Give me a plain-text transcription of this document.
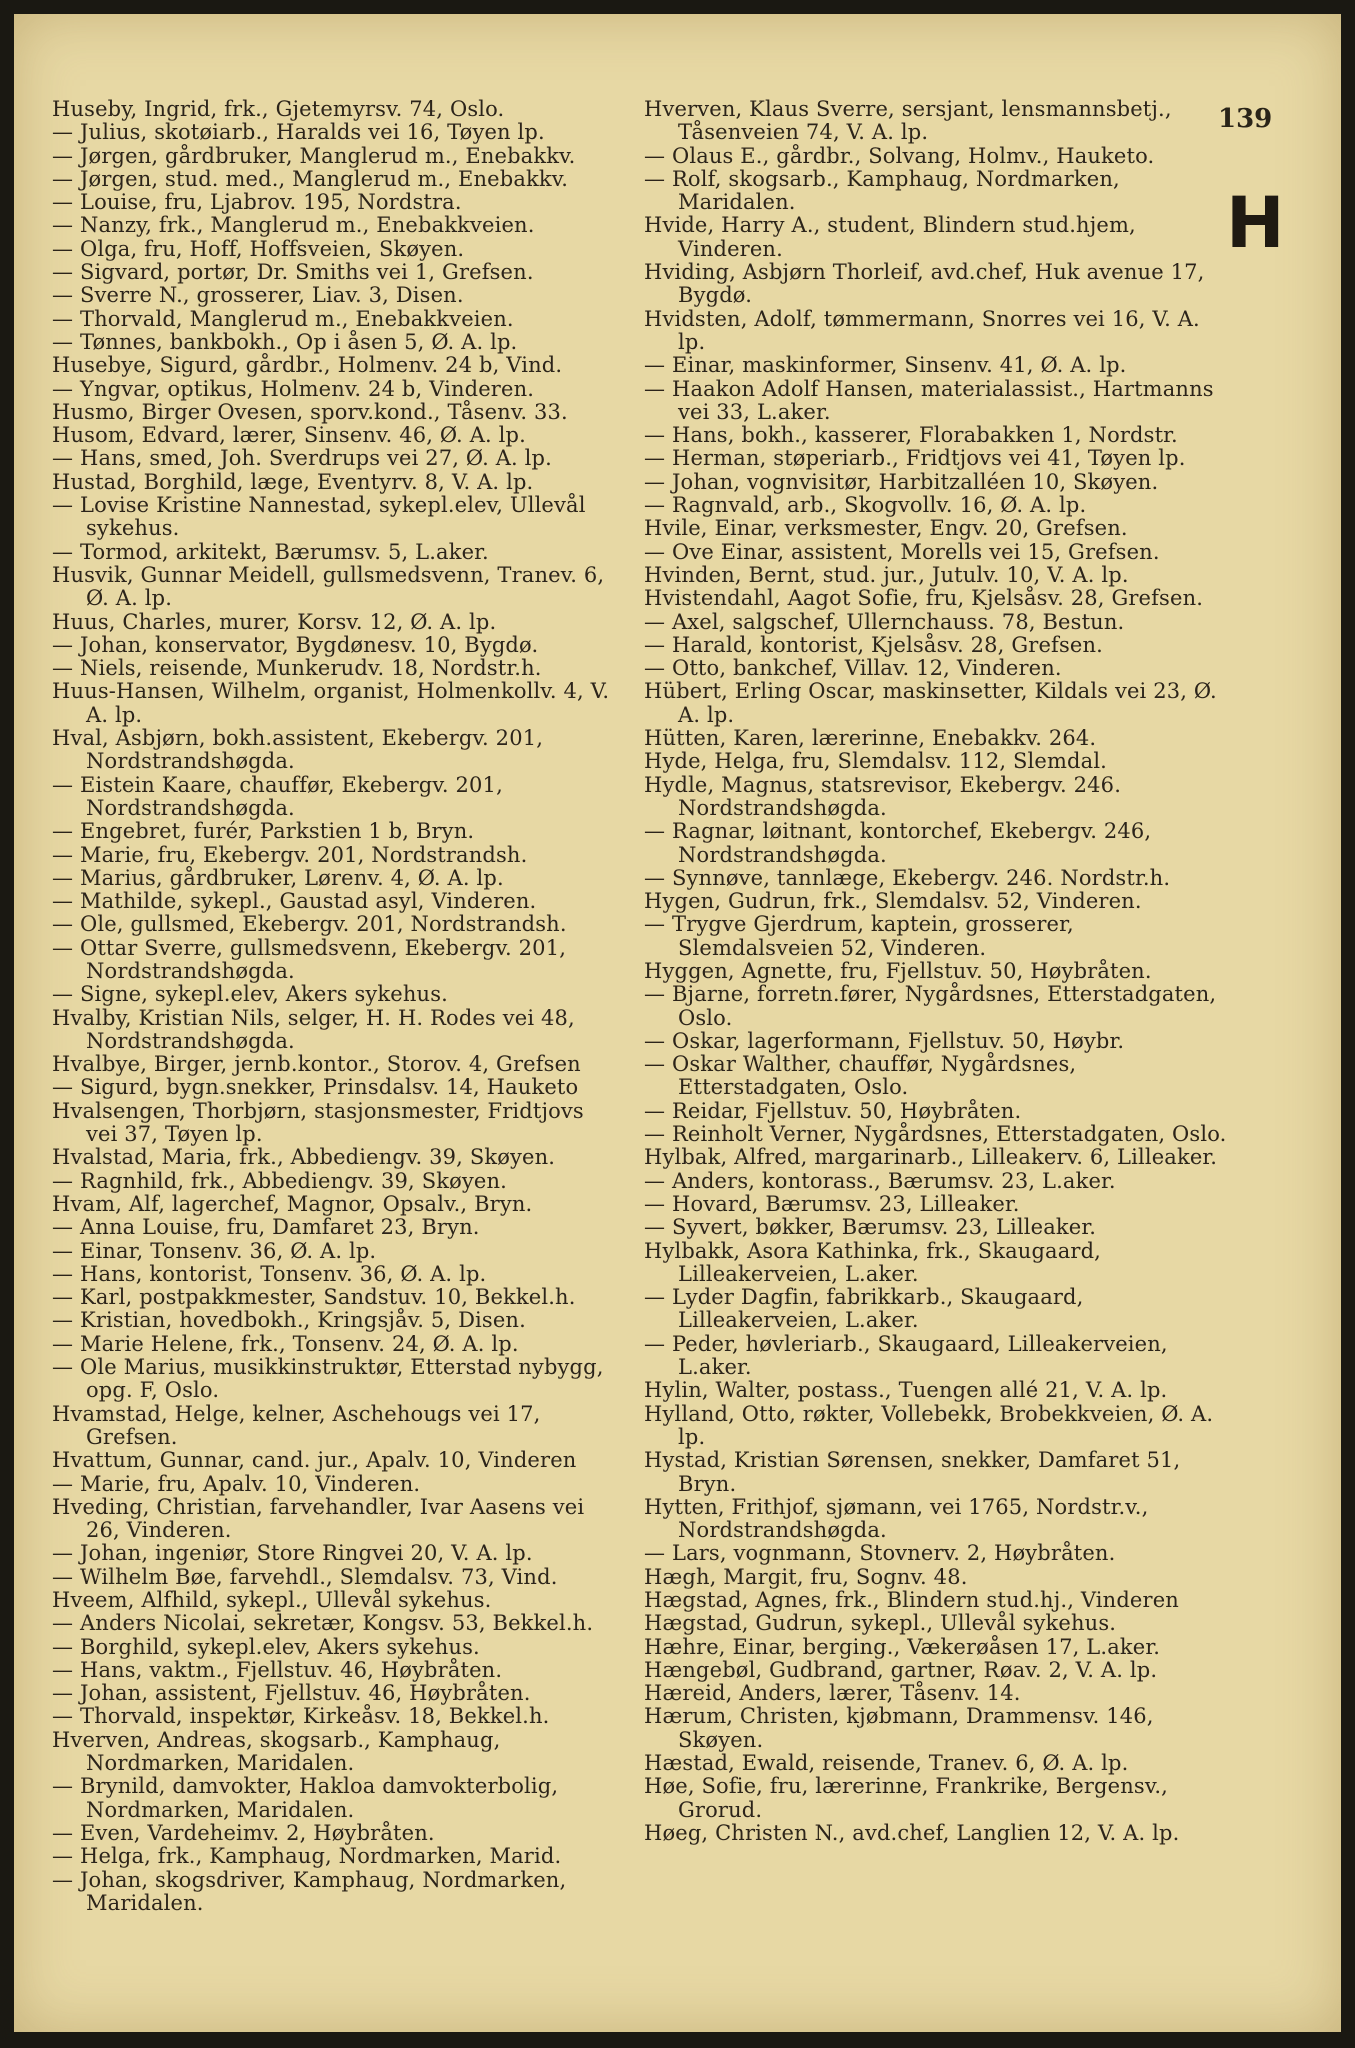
Huseby, Ingrid, frk., Gjetemyrsv. 74, Oslo.

— Julius, skotøiarb., Haralds vei 16, Tøyen lp.

— Jørgen, gårdbruker, Manglerud m., Enebakkv.

— Jørgen, stud. med., Manglerud m., Enebakkv.

— Louise, fru, Ljabrov. 195, Nordstra.

— Nanzy, frk., Manglerud m., Enebakkveien.

— Olga, fru, Hoff, Hoffsveien, Skøyen.

— Sigvard, portør, Dr. Smiths vei 1, Grefsen.

— Sverre N., grosserer, Liav. 3, Disen.

— Thorvald, Manglerud m., Enebakkveien.

— Tønnes, bankbokh., Op i åsen 5, Ø. A. lp.

Husebye, Sigurd, gårdbr., Holmenv. 24 b, Vind.

— Yngvar, optikus, Holmenv. 24 b, Vinderen.

Husmo, Birger Ovesen, sporv.kond., Tåsenv. 33.

Husom, Edvard, lærer, Sinsenv. 46, Ø. A. lp.

— Hans, smed, Joh. Sverdrups vei 27, Ø. A. lp.

Hustad, Borghild, læge, Eventyrv. 8, V. A. lp.

— Lovise Kristine Nannestad, sykepl.elev, Ullevål sykehus.

— Tormod, arkitekt, Bærumsv. 5, L.aker.

Husvik, Gunnar Meidell, gullsmedsvenn, Tranev. 6, Ø. A. lp.

Huus, Charles, murer, Korsv. 12, Ø. A. lp.

— Johan, konservator, Bygdønesv. 10, Bygdø.

— Niels, reisende, Munkerudv. 18, Nordstr.h.

Huus-Hansen, Wilhelm, organist, Holmenkollv. 4, V. A. lp.

Hval, Asbjørn, bokh.assistent, Ekebergv. 201, Nordstrandshøgda.

— Eistein Kaare, chauffør, Ekebergv. 201, Nordstrandshøgda.

— Engebret, furér, Parkstien 1 b, Bryn.

— Marie, fru, Ekebergv. 201, Nordstrandsh.

— Marius, gårdbruker, Lørenv. 4, Ø. A. lp.

— Mathilde, sykepl., Gaustad asyl, Vinderen.

— Ole, gullsmed, Ekebergv. 201, Nordstrandsh.

— Ottar Sverre, gullsmedsvenn, Ekebergv. 201, Nordstrandshøgda.

— Signe, sykepl.elev, Akers sykehus.

Hvalby, Kristian Nils, selger, H. H. Rodes vei 48, Nordstrandshøgda.

Hvalbye, Birger, jernb.kontor., Storov. 4, Grefsen

— Sigurd, bygn.snekker, Prinsdalsv. 14, Hauketo

Hvalsengen, Thorbjørn, stasjonsmester, Fridtjovs vei 37, Tøyen lp.

Hvalstad, Maria, frk., Abbediengv. 39, Skøyen.

— Ragnhild, frk., Abbediengv. 39, Skøyen.

Hvam, Alf, lagerchef, Magnor, Opsalv., Bryn.

— Anna Louise, fru, Damfaret 23, Bryn.

— Einar, Tonsenv. 36, Ø. A. lp.

— Hans, kontorist, Tonsenv. 36, Ø. A. lp.

— Karl, postpakkmester, Sandstuv. 10, Bekkel.h.

— Kristian, hovedbokh., Kringsjåv. 5, Disen.

— Marie Helene, frk., Tonsenv. 24, Ø. A. lp.

— Ole Marius, musikkinstruktør, Etterstad nybygg, opg. F, Oslo.

Hvamstad, Helge, kelner, Aschehougs vei 17, Grefsen.

Hvattum, Gunnar, cand. jur., Apalv. 10, Vinderen

— Marie, fru, Apalv. 10, Vinderen.

Hveding, Christian, farvehandler, Ivar Aasens vei 26, Vinderen.

— Johan, ingeniør, Store Ringvei 20, V. A. lp.

— Wilhelm Bøe, farvehdl., Slemdalsv. 73, Vind.

Hveem, Alfhild, sykepl., Ullevål sykehus.

— Anders Nicolai, sekretær, Kongsv. 53, Bekkel.h.

— Borghild, sykepl.elev, Akers sykehus.

— Hans, vaktm., Fjellstuv. 46, Høybråten.

— Johan, assistent, Fjellstuv. 46, Høybråten.

— Thorvald, inspektør, Kirkeåsv. 18, Bekkel.h.

Hverven, Andreas, skogsarb., Kamphaug, Nordmarken, Maridalen.

— Brynild, damvokter, Hakloa damvokterbolig, Nordmarken, Maridalen.

— Even, Vardeheimv. 2, Høybråten.

— Helga, frk., Kamphaug, Nordmarken, Marid.

— Johan, skogsdriver, Kamphaug, Nordmarken, Maridalen.

Hverven, Klaus Sverre, sersjant, lensmannsbetj., Tåsenveien 74, V. A. lp.

— Olaus E., gårdbr., Solvang, Holmv., Hauketo.

— Rolf, skogsarb., Kamphaug, Nordmarken, Maridalen.

Hvide, Harry A., student, Blindern stud.hjem, Vinderen.

Hviding, Asbjørn Thorleif, avd.chef, Huk avenue 17, Bygdø.

Hvidsten, Adolf, tømmermann, Snorres vei 16, V. A. lp.

— Einar, maskinformer, Sinsenv. 41, Ø. A. lp.

— Haakon Adolf Hansen, materialassist., Hartmanns vei 33, L.aker.

— Hans, bokh., kasserer, Florabakken 1, Nordstr.

— Herman, støperiarb., Fridtjovs vei 41, Tøyen lp.

— Johan, vognvisitør, Harbitzalléen 10, Skøyen.

— Ragnvald, arb., Skogvollv. 16, Ø. A. lp.

Hvile, Einar, verksmester, Engv. 20, Grefsen.

— Ove Einar, assistent, Morells vei 15, Grefsen.

Hvinden, Bernt, stud. jur., Jutulv. 10, V. A. lp.

Hvistendahl, Aagot Sofie, fru, Kjelsåsv. 28, Grefsen.

— Axel, salgschef, Ullernchauss. 78, Bestun.

— Harald, kontorist, Kjelsåsv. 28, Grefsen.

— Otto, bankchef, Villav. 12, Vinderen.

Hübert, Erling Oscar, maskinsetter, Kildals vei 23, Ø. A. lp.

Hütten, Karen, lærerinne, Enebakkv. 264.

Hyde, Helga, fru, Slemdalsv. 112, Slemdal.

Hydle, Magnus, statsrevisor, Ekebergv. 246. Nordstrandshøgda.

— Ragnar, løitnant, kontorchef, Ekebergv. 246, Nordstrandshøgda.

— Synnøve, tannlæge, Ekebergv. 246. Nordstr.h.

Hygen, Gudrun, frk., Slemdalsv. 52, Vinderen.

— Trygve Gjerdrum, kaptein, grosserer, Slemdalsveien 52, Vinderen.

Hyggen, Agnette, fru, Fjellstuv. 50, Høybråten.

— Bjarne, forretn.fører, Nygårdsnes, Etterstadgaten, Oslo.

— Oskar, lagerformann, Fjellstuv. 50, Høybr.

— Oskar Walther, chauffør, Nygårdsnes, Etterstadgaten, Oslo.

— Reidar, Fjellstuv. 50, Høybråten.

— Reinholt Verner, Nygårdsnes, Etterstadgaten, Oslo.

Hylbak, Alfred, margarinarb., Lilleakerv. 6, Lilleaker.

— Anders, kontorass., Bærumsv. 23, L.aker.

— Hovard, Bærumsv. 23, Lilleaker.

— Syvert, bøkker, Bærumsv. 23, Lilleaker.

Hylbakk, Asora Kathinka, frk., Skaugaard, Lilleakerveien, L.aker.

— Lyder Dagfin, fabrikkarb., Skaugaard, Lilleakerveien, L.aker.

— Peder, høvleriarb., Skaugaard, Lilleakerveien, L.aker.

Hylin, Walter, postass., Tuengen allé 21, V. A. lp.

Hylland, Otto, røkter, Vollebekk, Brobekkveien, Ø. A. lp.

Hystad, Kristian Sørensen, snekker, Damfaret 51, Bryn.

Hytten, Frithjof, sjømann, vei 1765, Nordstr.v., Nordstrandshøgda.

— Lars, vognmann, Stovnerv. 2, Høybråten.

Hægh, Margit, fru, Sognv. 48.

Hægstad, Agnes, frk., Blindern stud.hj., Vinderen

Hægstad, Gudrun, sykepl., Ullevål sykehus.

Hæhre, Einar, berging., Vækerøåsen 17, L.aker.

Hængebøl, Gudbrand, gartner, Røav. 2, V. A. lp.

Hæreid, Anders, lærer, Tåsenv. 14.

Hærum, Christen, kjøbmann, Drammensv. 146, Skøyen.

Hæstad, Ewald, reisende, Tranev. 6, Ø. A. lp.

Høe, Sofie, fru, lærerinne, Frankrike, Bergensv., Grorud.

Høeg, Christen N., avd.chef, Langlien 12, V. A. lp.

139
H
